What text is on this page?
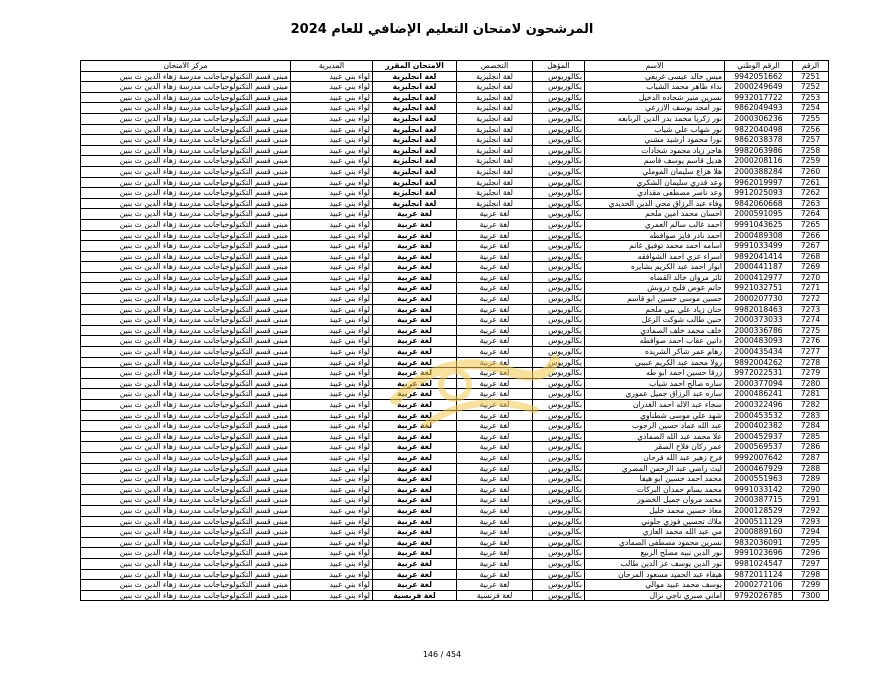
المرشحون لامتحان التعليم الإضافي للعام 2024
الرقم	الرقم الوطني	الاسم	المؤهل	التخصص	الامتحان المقرر	المديرية	مركز الامتحان
7251	9942051662	ميس خالد عيسى غريفي	بكالوريوس	لغة انجليزية	لغة انجليزية	لواء بني عبيد	مبنى قسم التكنولوجياجانب مدرسة زهاء الدين ث بنين
7252	2000249649	نداء ظاهر محمد الشياب	بكالوريوس	لغة انجليزية	لغة انجليزية	لواء بني عبيد	مبنى قسم التكنولوجياجانب مدرسة زهاء الدين ث بنين
7253	9932017722	نسرين منير شحاده الدخيل	بكالوريوس	لغة انجليزية	لغة انجليزية	لواء بني عبيد	مبنى قسم التكنولوجياجانب مدرسة زهاء الدين ث بنين
7254	9862049493	نور امجد يوسف الازرعي	بكالوريوس	لغة انجليزية	لغة انجليزية	لواء بني عبيد	مبنى قسم التكنولوجياجانب مدرسة زهاء الدين ث بنين
7255	2000306236	نور زكريا محمد بدر الدين الربابعه	بكالوريوس	لغة انجليزية	لغة انجليزية	لواء بني عبيد	مبنى قسم التكنولوجياجانب مدرسة زهاء الدين ث بنين
7256	9822040498	نور شهاب علي شياب	بكالوريوس	لغة انجليزية	لغة انجليزية	لواء بني عبيد	مبنى قسم التكنولوجياجانب مدرسة زهاء الدين ث بنين
7257	9862038378	نورا محمود ارشيد مشني	بكالوريوس	لغة انجليزية	لغة انجليزية	لواء بني عبيد	مبنى قسم التكنولوجياجانب مدرسة زهاء الدين ث بنين
7258	9982063986	هاجر زياد محمود شحادات	بكالوريوس	لغة انجليزية	لغة انجليزية	لواء بني عبيد	مبنى قسم التكنولوجياجانب مدرسة زهاء الدين ث بنين
7259	2000208116	هديل قاسم يوسف قاسم	بكالوريوس	لغة انجليزية	لغة انجليزية	لواء بني عبيد	مبنى قسم التكنولوجياجانب مدرسة زهاء الدين ث بنين
7260	2000388284	هلا هزاع سليمان الموملي	بكالوريوس	لغة انجليزية	لغة انجليزية	لواء بني عبيد	مبنى قسم التكنولوجياجانب مدرسة زهاء الدين ث بنين
7261	9962019997	وعد قدري سليمان الشكري	بكالوريوس	لغة انجليزية	لغة انجليزية	لواء بني عبيد	مبنى قسم التكنولوجياجانب مدرسة زهاء الدين ث بنين
7262	9912025093	وعد ناصر مصطفى مقدادي	بكالوريوس	لغة انجليزية	لغة انجليزية	لواء بني عبيد	مبنى قسم التكنولوجياجانب مدرسة زهاء الدين ث بنين
7263	9842060668	وفاء عبد الرزاق محي الدين الحديدي	بكالوريوس	لغة انجليزية	لغة انجليزية	لواء بني عبيد	مبنى قسم التكنولوجياجانب مدرسة زهاء الدين ث بنين
7264	2000591095	احسان محمد امين ملحم	بكالوريوس	لغة عربية	لغة عربية	لواء بني عبيد	مبنى قسم التكنولوجياجانب مدرسة زهاء الدين ث بنين
7265	9991043625	احمد غالب سالم العمري	بكالوريوس	لغة عربية	لغة عربية	لواء بني عبيد	مبنى قسم التكنولوجياجانب مدرسة زهاء الدين ث بنين
7266	2000489308	احمد نادر فايز صوافطه	بكالوريوس	لغة عربية	لغة عربية	لواء بني عبيد	مبنى قسم التكنولوجياجانب مدرسة زهاء الدين ث بنين
7267	9991033499	اسامه احمد محمد توفيق غانم	بكالوريوس	لغة عربية	لغة عربية	لواء بني عبيد	مبنى قسم التكنولوجياجانب مدرسة زهاء الدين ث بنين
7268	9892041414	اسراء عزي احمد الشوافقه	بكالوريوس	لغة عربية	لغة عربية	لواء بني عبيد	مبنى قسم التكنولوجياجانب مدرسة زهاء الدين ث بنين
7269	2000441187	انوار احمد عبد الكريم بشايره	بكالوريوس	لغة عربية	لغة عربية	لواء بني عبيد	مبنى قسم التكنولوجياجانب مدرسة زهاء الدين ث بنين
7270	2000412977	ثائر مروان خالد القضاه	بكالوريوس	لغة عربية	لغة عربية	لواء بني عبيد	مبنى قسم التكنولوجياجانب مدرسة زهاء الدين ث بنين
7271	9921032751	حاتم عوض فليح دروبش	بكالوريوس	لغة عربية	لغة عربية	لواء بني عبيد	مبنى قسم التكنولوجياجانب مدرسة زهاء الدين ث بنين
7272	2000207730	حسين موسى حسين ابو قاسم	بكالوريوس	لغة عربية	لغة عربية	لواء بني عبيد	مبنى قسم التكنولوجياجانب مدرسة زهاء الدين ث بنين
7273	9982018463	حنان زياد علي بني ملحم	بكالوريوس	لغة عربية	لغة عربية	لواء بني عبيد	مبنى قسم التكنولوجياجانب مدرسة زهاء الدين ث بنين
7274	2000373033	حنين طالب شوكت الزغل	بكالوريوس	لغة عربية	لغة عربية	لواء بني عبيد	مبنى قسم التكنولوجياجانب مدرسة زهاء الدين ث بنين
7275	2000336786	خلف محمد خلف الصمادي	بكالوريوس	لغة عربية	لغة عربية	لواء بني عبيد	مبنى قسم التكنولوجياجانب مدرسة زهاء الدين ث بنين
7276	2000483093	دانين عقاب احمد صوافطه	بكالوريوس	لغة عربية	لغة عربية	لواء بني عبيد	مبنى قسم التكنولوجياجانب مدرسة زهاء الدين ث بنين
7277	2000435434	رهام عمر شاكر الشريده	بكالوريوس	لغة عربية	لغة عربية	لواء بني عبيد	مبنى قسم التكنولوجياجانب مدرسة زهاء الدين ث بنين
7278	9892004262	رولا محمد عبد الكريم عبيبي	بكالوريوس	لغة عربية	لغة عربية	لواء بني عبيد	مبنى قسم التكنولوجياجانب مدرسة زهاء الدين ث بنين
7279	9972022531	زرقا حسين احمد ابو طه	بكالوريوس	لغة عربية	لغة عربية	لواء بني عبيد	مبنى قسم التكنولوجياجانب مدرسة زهاء الدين ث بنين
7280	2000377094	ساره صالح احمد شياب	بكالوريوس	لغة عربية	لغة عربية	لواء بني عبيد	مبنى قسم التكنولوجياجانب مدرسة زهاء الدين ث بنين
7281	2000486241	ساره عبد الرزاق جميل عموري	بكالوريوس	لغة عربية	لغة عربية	لواء بني عبيد	مبنى قسم التكنولوجياجانب مدرسة زهاء الدين ث بنين
7282	2000322496	سجاء عبد الاله احمد الغدران	بكالوريوس	لغة عربية	لغة عربية	لواء بني عبيد	مبنى قسم التكنولوجياجانب مدرسة زهاء الدين ث بنين
7283	2000453532	شهد علي موسى شطناوي	بكالوريوس	لغة عربية	لغة عربية	لواء بني عبيد	مبنى قسم التكنولوجياجانب مدرسة زهاء الدين ث بنين
7284	2000402382	عبد الله عماد حسين الرجوب	بكالوريوس	لغة عربية	لغة عربية	لواء بني عبيد	مبنى قسم التكنولوجياجانب مدرسة زهاء الدين ث بنين
7285	2000452937	علا محمد عبد الله الصمادي	بكالوريوس	لغة عربية	لغة عربية	لواء بني عبيد	مبنى قسم التكنولوجياجانب مدرسة زهاء الدين ث بنين
7286	2000569537	عمر ركان فلاح الصقر	بكالوريوس	لغة عربية	لغة عربية	لواء بني عبيد	مبنى قسم التكنولوجياجانب مدرسة زهاء الدين ث بنين
7287	9992007642	فرح زهير عبد الله فرحان	بكالوريوس	لغة عربية	لغة عربية	لواء بني عبيد	مبنى قسم التكنولوجياجانب مدرسة زهاء الدين ث بنين
7288	2000467929	ليث راضي عبد الرحمن المصري	بكالوريوس	لغة عربية	لغة عربية	لواء بني عبيد	مبنى قسم التكنولوجياجانب مدرسة زهاء الدين ث بنين
7289	2000551963	محمد احمد حسين ابو هيفا	بكالوريوس	لغة عربية	لغة عربية	لواء بني عبيد	مبنى قسم التكنولوجياجانب مدرسة زهاء الدين ث بنين
7290	9991033142	محمد بسام حمدان البركات	بكالوريوس	لغة عربية	لغة عربية	لواء بني عبيد	مبنى قسم التكنولوجياجانب مدرسة زهاء الدين ث بنين
7291	2000387715	محمد مروان جميل الخضور	بكالوريوس	لغة عربية	لغة عربية	لواء بني عبيد	مبنى قسم التكنولوجياجانب مدرسة زهاء الدين ث بنين
7292	2000128529	معاذ حسين محمد خليل	بكالوريوس	لغة عربية	لغة عربية	لواء بني عبيد	مبنى قسم التكنولوجياجانب مدرسة زهاء الدين ث بنين
7293	2000511129	ملاك تحسين فوزي جلوني	بكالوريوس	لغة عربية	لغة عربية	لواء بني عبيد	مبنى قسم التكنولوجياجانب مدرسة زهاء الدين ث بنين
7294	2000889160	مي عبد الله محمد العازي	بكالوريوس	لغة عربية	لغة عربية	لواء بني عبيد	مبنى قسم التكنولوجياجانب مدرسة زهاء الدين ث بنين
7295	9832036091	نسرين محمود مصطفى الصمادي	بكالوريوس	لغة عربية	لغة عربية	لواء بني عبيد	مبنى قسم التكنولوجياجانب مدرسة زهاء الدين ث بنين
7296	9991023696	نور الدين نبيه مصلح الربيع	بكالوريوس	لغة عربية	لغة عربية	لواء بني عبيد	مبنى قسم التكنولوجياجانب مدرسة زهاء الدين ث بنين
7297	9981024547	نور الدين يوسف عز الدين طالب	بكالوريوس	لغة عربية	لغة عربية	لواء بني عبيد	مبنى قسم التكنولوجياجانب مدرسة زهاء الدين ث بنين
7298	9872011124	هيفاء عبد الحميد مسعود المرجان	بكالوريوس	لغة عربية	لغة عربية	لواء بني عبيد	مبنى قسم التكنولوجياجانب مدرسة زهاء الدين ث بنين
7299	2000272106	يوسف محمد عبيد موالي	بكالوريوس	لغة عربية	لغة عربية	لواء بني عبيد	مبنى قسم التكنولوجياجانب مدرسة زهاء الدين ث بنين
7300	9792026785	اماني صبري ناجي نزال	بكالوريوس	لغة فرنسية	لغة فرنسية	لواء بني عبيد	مبنى قسم التكنولوجياجانب مدرسة زهاء الدين ث بنين
146 / 454
